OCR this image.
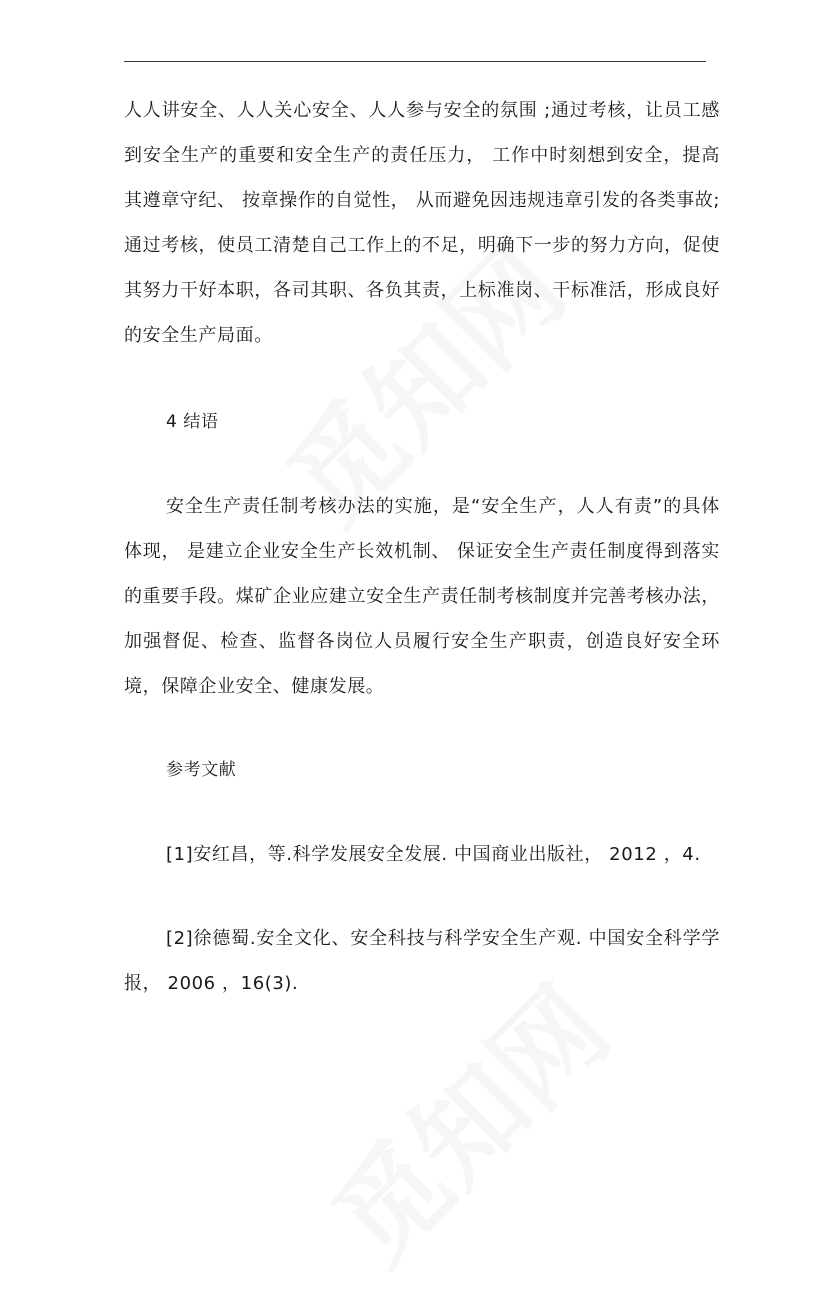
人人讲安全、人人关心安全、人人参与安全的氛围 ;通过考核，让员工感到安全生产的重要和安全生产的责任压力， 工作中时刻想到安全，提高其遵章守纪、 按章操作的自觉性， 从而避免因违规违章引发的各类事故;通过考核，使员工清楚自己工作上的不足，明确下一步的努力方向，促使其努力干好本职，各司其职、各负其责，上标准岗、干标准活，形成良好的安全生产局面。

4 结语

安全生产责任制考核办法的实施，是“安全生产，人人有责”的具体体现， 是建立企业安全生产长效机制、 保证安全生产责任制度得到落实的重要手段。煤矿企业应建立安全生产责任制考核制度并完善考核办法，加强督促、检查、监督各岗位人员履行安全生产职责，创造良好安全环境，保障企业安全、健康发展。

参考文献

[1]安红昌，等.科学发展安全发展. 中国商业出版社， 2012 ，4.

[2]徐德蜀.安全文化、安全科技与科学安全生产观. 中国安全科学学报， 2006 ，16(3).
